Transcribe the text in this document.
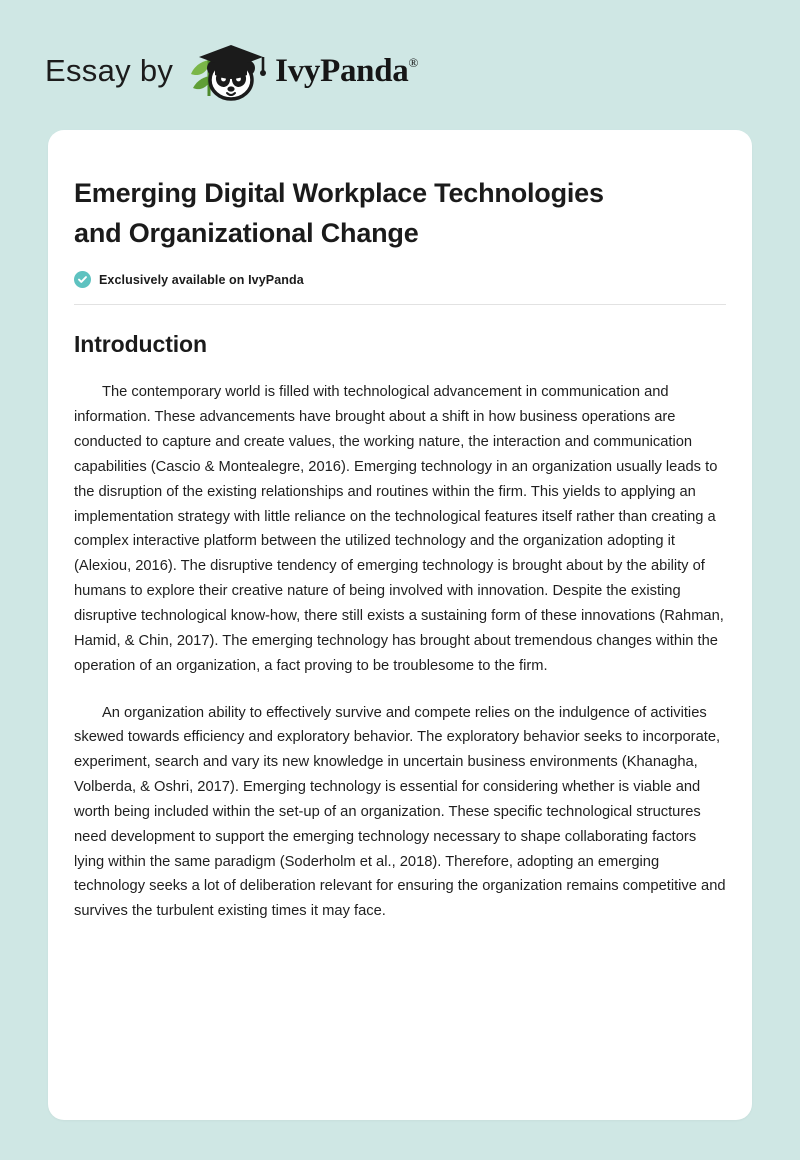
Essay by	IvyPanda®
Emerging Digital Workplace Technologies and Organizational Change
Exclusively available on IvyPanda
Introduction

The contemporary world is filled with technological advancement in communication and information. These advancements have brought about a shift in how business operations are conducted to capture and create values, the working nature, the interaction and communication capabilities (Cascio & Montealegre, 2016). Emerging technology in an organization usually leads to the disruption of the existing relationships and routines within the firm. This yields to applying an implementation strategy with little reliance on the technological features itself rather than creating a complex interactive platform between the utilized technology and the organization adopting it (Alexiou, 2016). The disruptive tendency of emerging technology is brought about by the ability of humans to explore their creative nature of being involved with innovation. Despite the existing disruptive technological know-how, there still exists a sustaining form of these innovations (Rahman, Hamid, & Chin, 2017). The emerging technology has brought about tremendous changes within the operation of an organization, a fact proving to be troublesome to the firm.

An organization ability to effectively survive and compete relies on the indulgence of activities skewed towards efficiency and exploratory behavior. The exploratory behavior seeks to incorporate, experiment, search and vary its new knowledge in uncertain business environments (Khanagha, Volberda, & Oshri, 2017). Emerging technology is essential for considering whether is viable and worth being included within the set-up of an organization. These specific technological structures need development to support the emerging technology necessary to shape collaborating factors lying within the same paradigm (Soderholm et al., 2018). Therefore, adopting an emerging technology seeks a lot of deliberation relevant for ensuring the organization remains competitive and survives the turbulent existing times it may face.
